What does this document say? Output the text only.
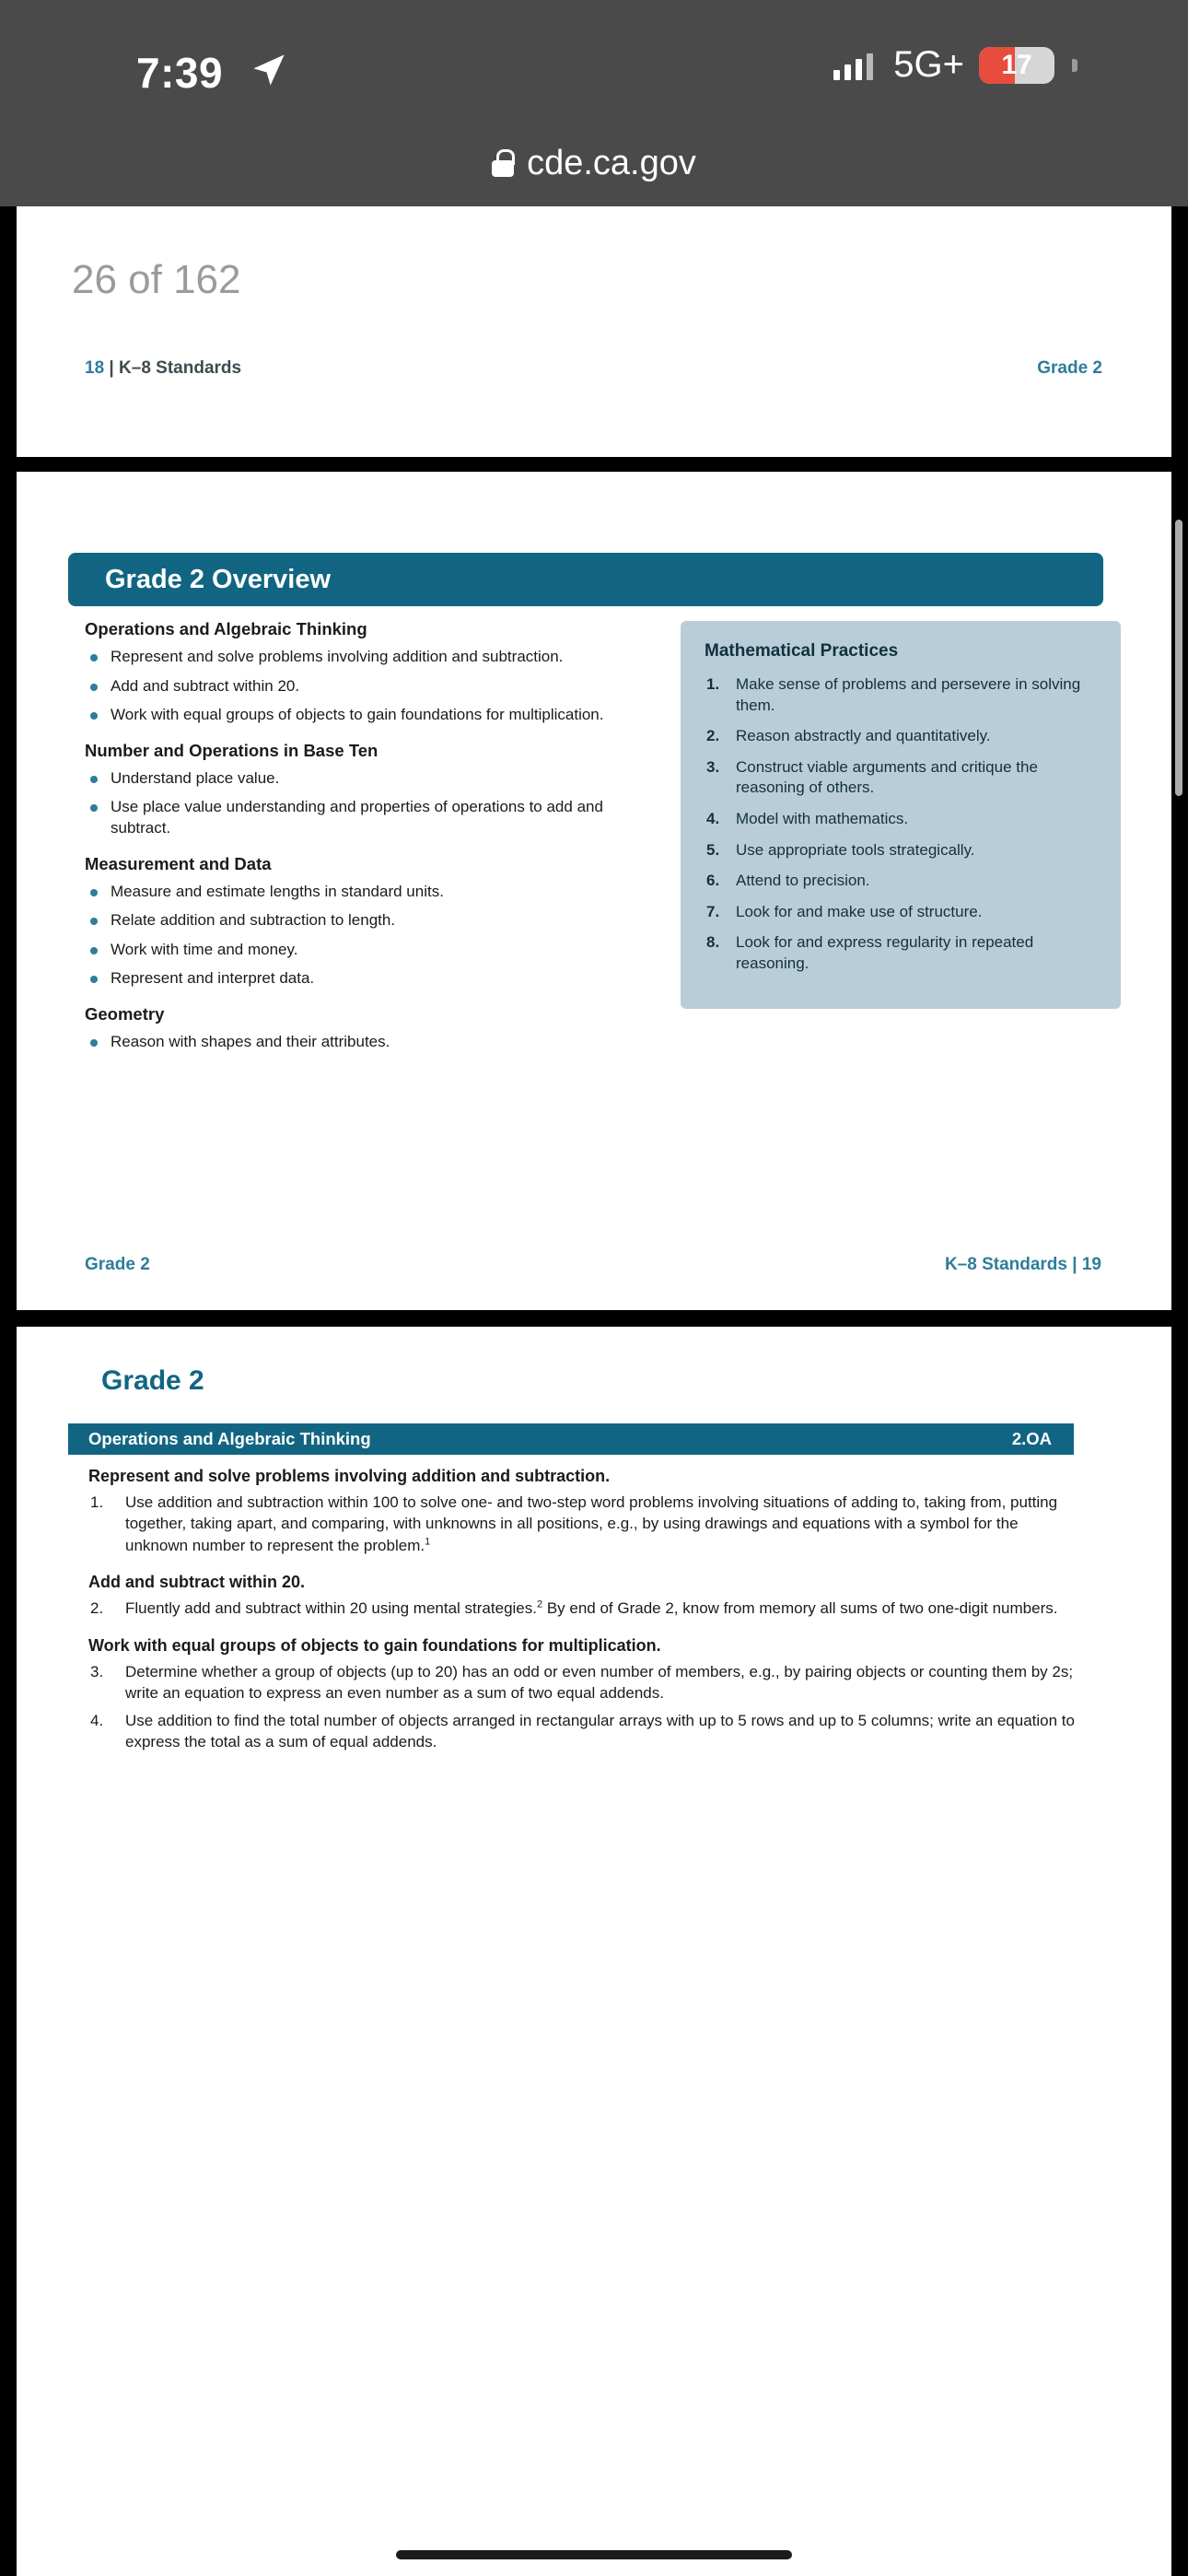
7:39	5G+	17
cde.ca.gov
26 of 162
18 | K–8 Standards	Grade 2
Grade 2 Overview
Operations and Algebraic Thinking
Represent and solve problems involving addition and subtraction.
Add and subtract within 20.
Work with equal groups of objects to gain foundations for multiplication.
Number and Operations in Base Ten
Understand place value.
Use place value understanding and properties of operations to add and subtract.
Measurement and Data
Measure and estimate lengths in standard units.
Relate addition and subtraction to length.
Work with time and money.
Represent and interpret data.
Geometry
Reason with shapes and their attributes.
Mathematical Practices
1. Make sense of problems and persevere in solving them.
2. Reason abstractly and quantitatively.
3. Construct viable arguments and critique the reasoning of others.
4. Model with mathematics.
5. Use appropriate tools strategically.
6. Attend to precision.
7. Look for and make use of structure.
8. Look for and express regularity in repeated reasoning.
Grade 2	K–8 Standards | 19
Grade 2
Operations and Algebraic Thinking	2.OA
Represent and solve problems involving addition and subtraction.
1. Use addition and subtraction within 100 to solve one- and two-step word problems involving situations of adding to, taking from, putting together, taking apart, and comparing, with unknowns in all positions, e.g., by using drawings and equations with a symbol for the unknown number to represent the problem.$^1$
Add and subtract within 20.
2. Fluently add and subtract within 20 using mental strategies.$^2$ By end of Grade 2, know from memory all sums of two one-digit numbers.
Work with equal groups of objects to gain foundations for multiplication.
3. Determine whether a group of objects (up to 20) has an odd or even number of members, e.g., by pairing objects or counting them by 2s; write an equation to express an even number as a sum of two equal addends.
4. Use addition to find the total number of objects arranged in rectangular arrays with up to 5 rows and up to 5 columns; write an equation to express the total as a sum of equal addends.
